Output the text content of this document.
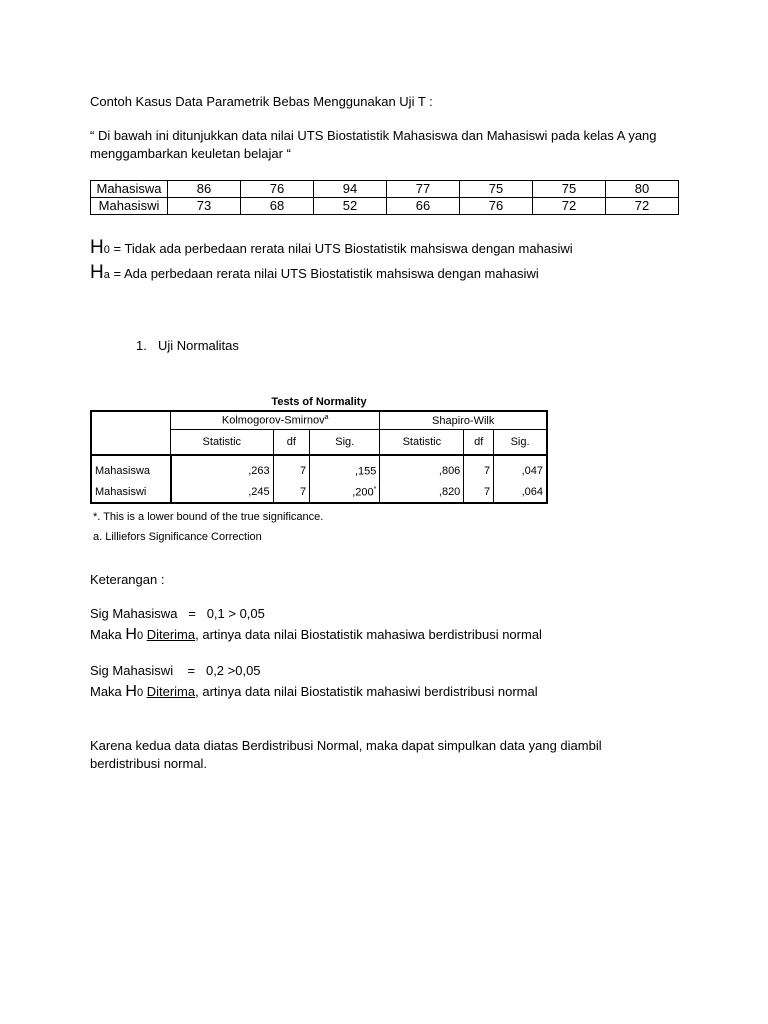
Contoh Kasus Data Parametrik Bebas Menggunakan Uji T :
“ Di bawah ini ditunjukkan data nilai UTS Biostatistik Mahasiswa dan Mahasiswi pada kelas A yang
menggambarkan keuletan belajar “
Mahasiswa	86	76	94	77	75	75	80
Mahasiswi	73	68	52	66	76	72	72
H0 = Tidak ada perbedaan rerata nilai UTS Biostatistik mahsiswa dengan mahasiwi
Ha = Ada perbedaan rerata nilai UTS Biostatistik mahsiswa dengan mahasiwi
1. Uji Normalitas
Tests of Normality
	Kolmogorov-Smirnov$^a$			Shapiro-Wilk		
	Statistic	df	Sig.	Statistic	df	Sig.
Mahasiswa	,263	7	,155	,806	7	,047
Mahasiswi	,245	7	,200*	,820	7	,064
*. This is a lower bound of the true significance.
a. Lilliefors Significance Correction
Keterangan :
Sig Mahasiswa   =   0,1 > 0,05
Maka H0 Diterima, artinya data nilai Biostatistik mahasiwa berdistribusi normal
Sig Mahasiswi    =   0,2 >0,05
Maka H0 Diterima, artinya data nilai Biostatistik mahasiwi berdistribusi normal
Karena kedua data diatas Berdistribusi Normal, maka dapat simpulkan data yang diambil berdistribusi normal.
